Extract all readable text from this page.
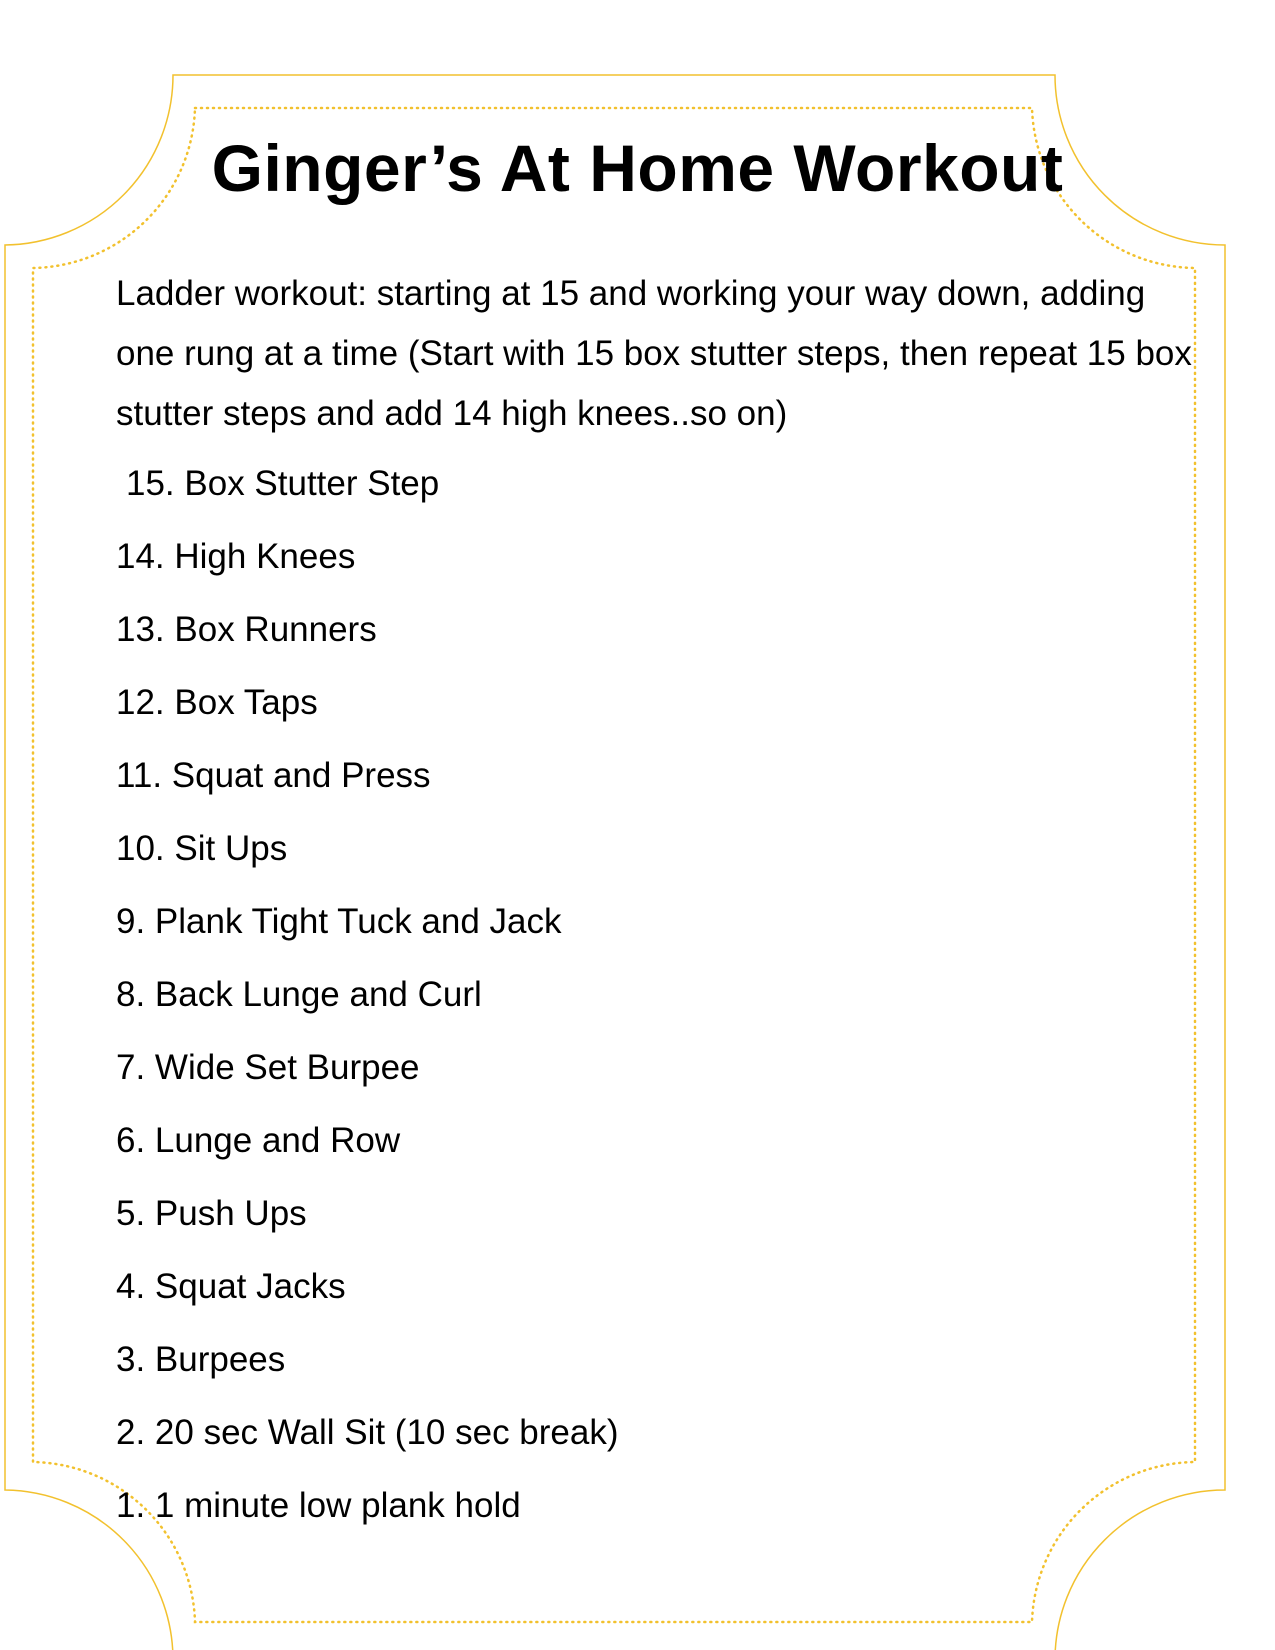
Ginger’s At Home Workout

Ladder workout: starting at 15 and working your way down, adding one rung at a time (Start with 15 box stutter steps, then repeat 15 box stutter steps and add 14 high knees..so on)

15. Box Stutter Step
14. High Knees
13. Box Runners
12. Box Taps
11. Squat and Press
10. Sit Ups
9. Plank Tight Tuck and Jack
8. Back Lunge and Curl
7. Wide Set Burpee
6. Lunge and Row
5. Push Ups
4. Squat Jacks
3. Burpees
2. 20 sec Wall Sit (10 sec break)
1. 1 minute low plank hold
